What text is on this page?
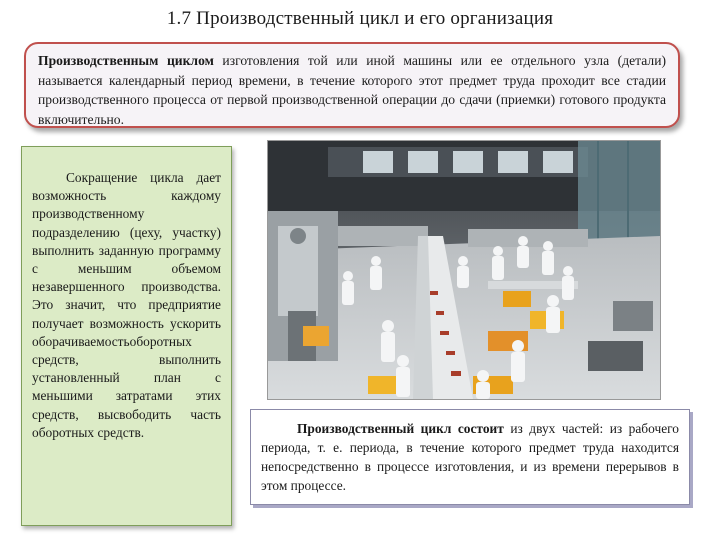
1.7 Производственный цикл и его организация
Производственным циклом изготовления той или иной машины или ее отдельного узла (детали) называется календарный период времени, в течение которого этот предмет труда проходит все стадии производственного процесса от первой производственной операции до сдачи (приемки) готового продукта включительно.
Сокращение цикла дает возможность каждому производственному подразделению (цеху, участку) выполнить заданную программу с меньшим объемом незавершенного производства. Это значит, что предприятие получает возможность ускорить оборачиваемостьоборотных средств, выполнить установленный план с меньшими затратами этих средств, высвободить часть оборотных средств.	Производственный цикл состоит из двух частей: из рабочего периода, т. е. периода, в течение которого предмет труда находится непосредственно в процессе изготовления, и из времени перерывов в этом процессе.
